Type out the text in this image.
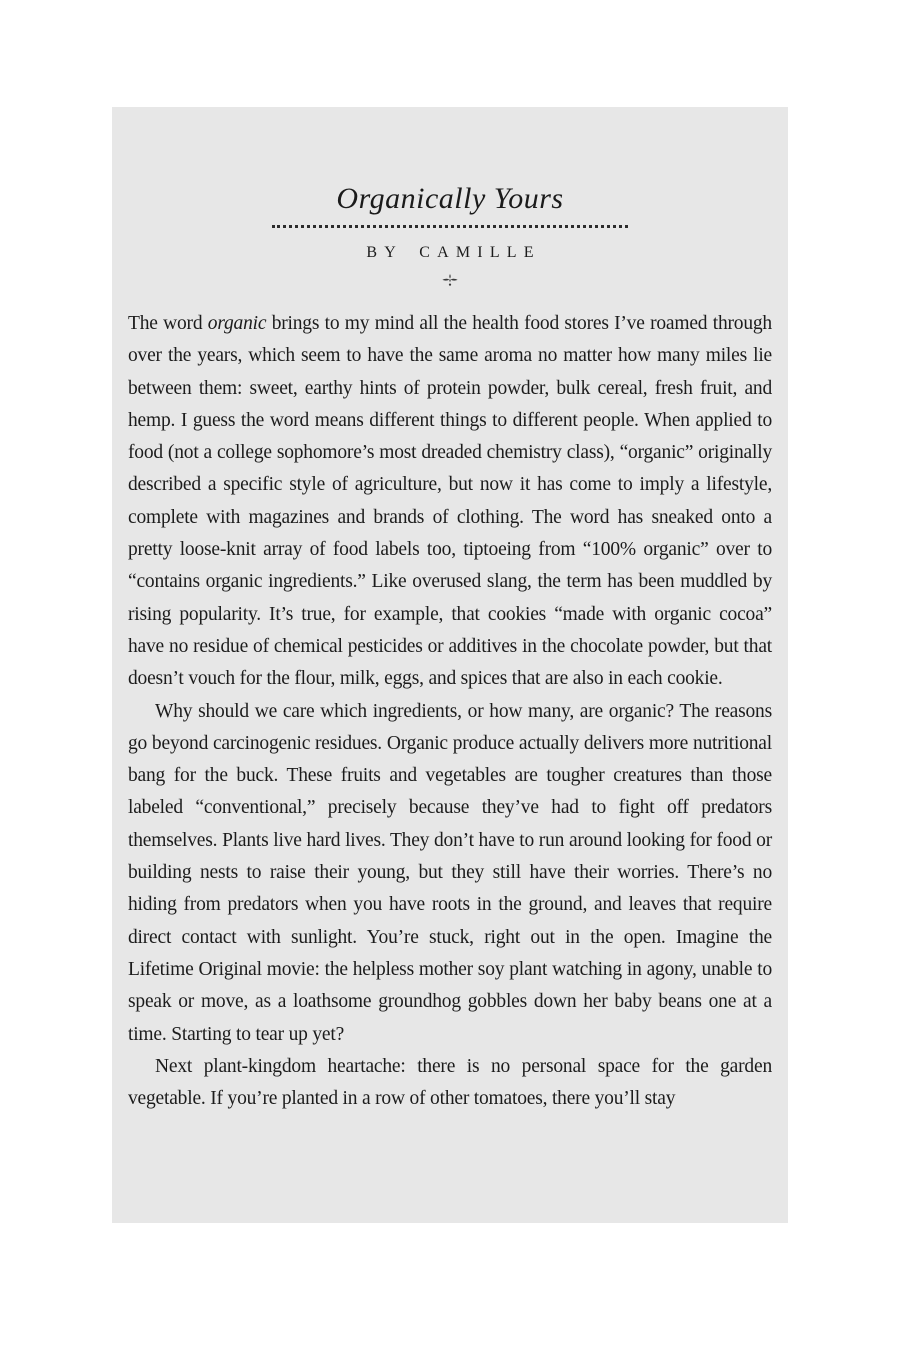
Organically Yours
BY CAMILLE

The word organic brings to my mind all the health food stores I’ve roamed through over the years, which seem to have the same aroma no matter how many miles lie between them: sweet, earthy hints of protein powder, bulk cereal, fresh fruit, and hemp. I guess the word means different things to different people. When applied to food (not a college sophomore’s most dreaded chemistry class), “organic” originally described a specific style of agriculture, but now it has come to imply a lifestyle, complete with magazines and brands of clothing. The word has sneaked onto a pretty loose-knit array of food labels too, tiptoeing from “100% organic” over to “contains organic ingredients.” Like overused slang, the term has been muddled by rising popularity. It’s true, for example, that cookies “made with organic cocoa” have no residue of chemical pesticides or additives in the chocolate powder, but that doesn’t vouch for the flour, milk, eggs, and spices that are also in each cookie.

Why should we care which ingredients, or how many, are organic? The reasons go beyond carcinogenic residues. Organic produce actually delivers more nutritional bang for the buck. These fruits and vegetables are tougher creatures than those labeled “conventional,” precisely because they’ve had to fight off predators themselves. Plants live hard lives. They don’t have to run around looking for food or building nests to raise their young, but they still have their worries. There’s no hiding from predators when you have roots in the ground, and leaves that require direct contact with sunlight. You’re stuck, right out in the open. Imagine the Lifetime Original movie: the helpless mother soy plant watching in agony, unable to speak or move, as a loathsome groundhog gobbles down her baby beans one at a time. Starting to tear up yet?

Next plant-kingdom heartache: there is no personal space for the garden vegetable. If you’re planted in a row of other tomatoes, there you’ll stay
